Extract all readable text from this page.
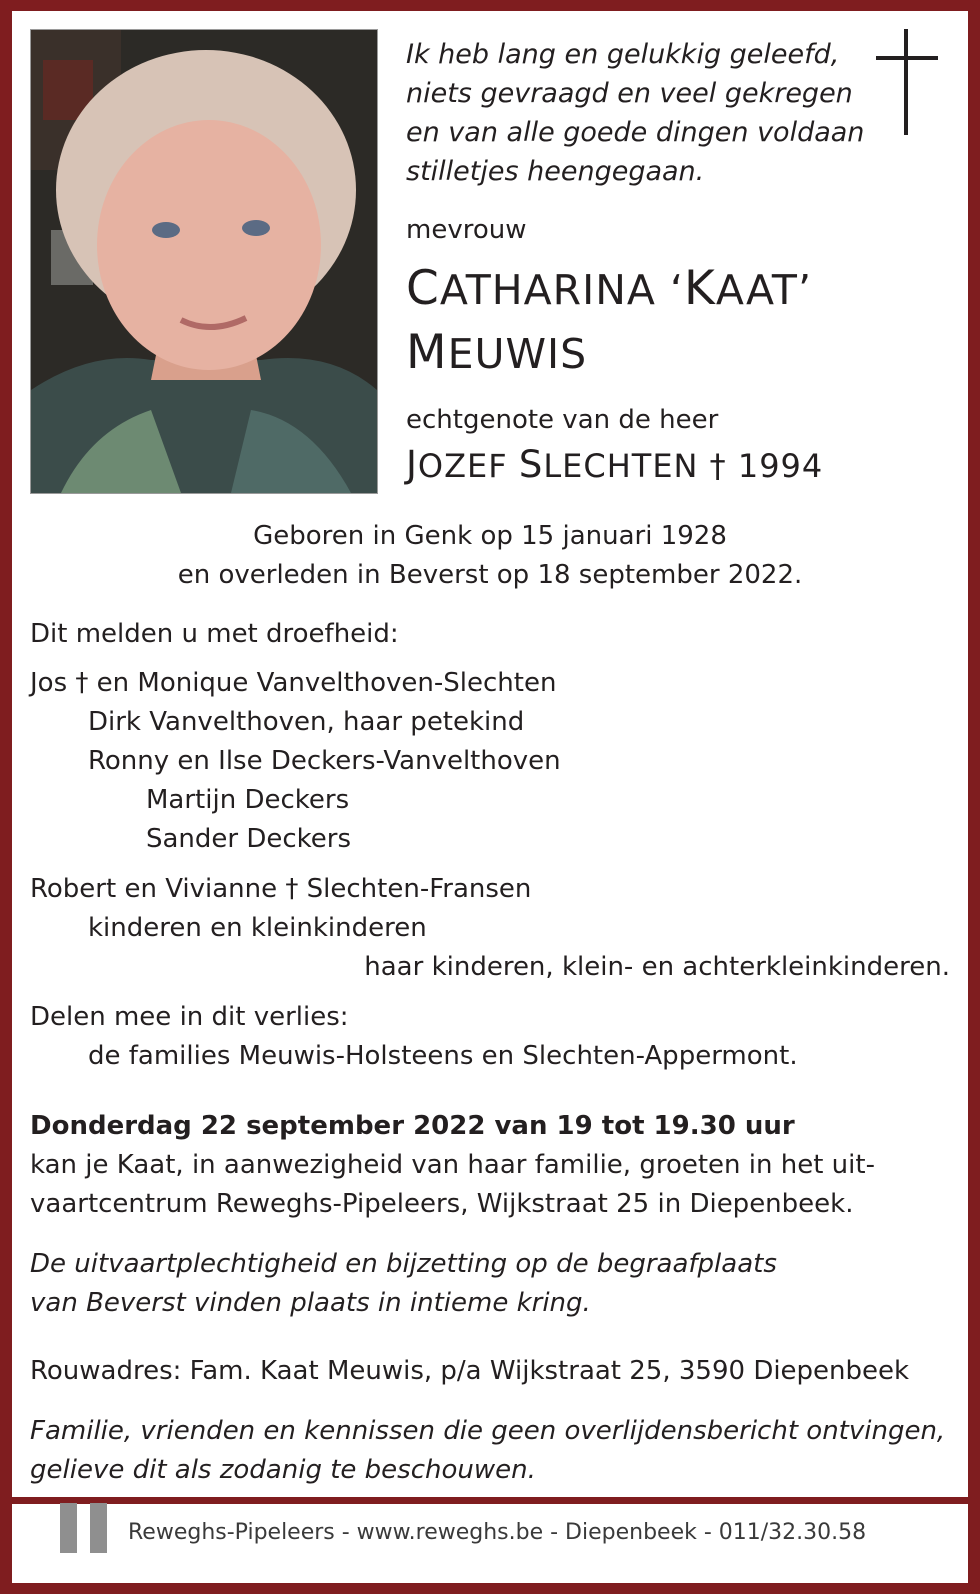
Ik heb lang en gelukkig geleefd,
niets gevraagd en veel gekregen
en van alle goede dingen voldaan
stilletjes heengegaan.
mevrouw
CATHARINA ‘KAAT’
MEUWIS
echtgenote van de heer
JOZEF SLECHTEN † 1994
Geboren in Genk op 15 januari 1928
en overleden in Beverst op 18 september 2022.
Dit melden u met droefheid:
Jos † en Monique Vanvelthoven-Slechten
Dirk Vanvelthoven, haar petekind
Ronny en Ilse Deckers-Vanvelthoven
Martijn Deckers
Sander Deckers
Robert en Vivianne † Slechten-Fransen
kinderen en kleinkinderen
haar kinderen, klein- en achterkleinkinderen.
Delen mee in dit verlies:
de families Meuwis-Holsteens en Slechten-Appermont.
Donderdag 22 september 2022 van 19 tot 19.30 uur
kan je Kaat, in aanwezigheid van haar familie, groeten in het uit-
vaartcentrum Reweghs-Pipeleers, Wijkstraat 25 in Diepenbeek.
De uitvaartplechtigheid en bijzetting op de begraafplaats
van Beverst vinden plaats in intieme kring.
Rouwadres: Fam. Kaat Meuwis, p/a Wijkstraat 25, 3590 Diepenbeek
Familie, vrienden en kennissen die geen overlijdensbericht ontvingen,
gelieve dit als zodanig te beschouwen.
Reweghs-Pipeleers - www.reweghs.be - Diepenbeek - 011/32.30.58
